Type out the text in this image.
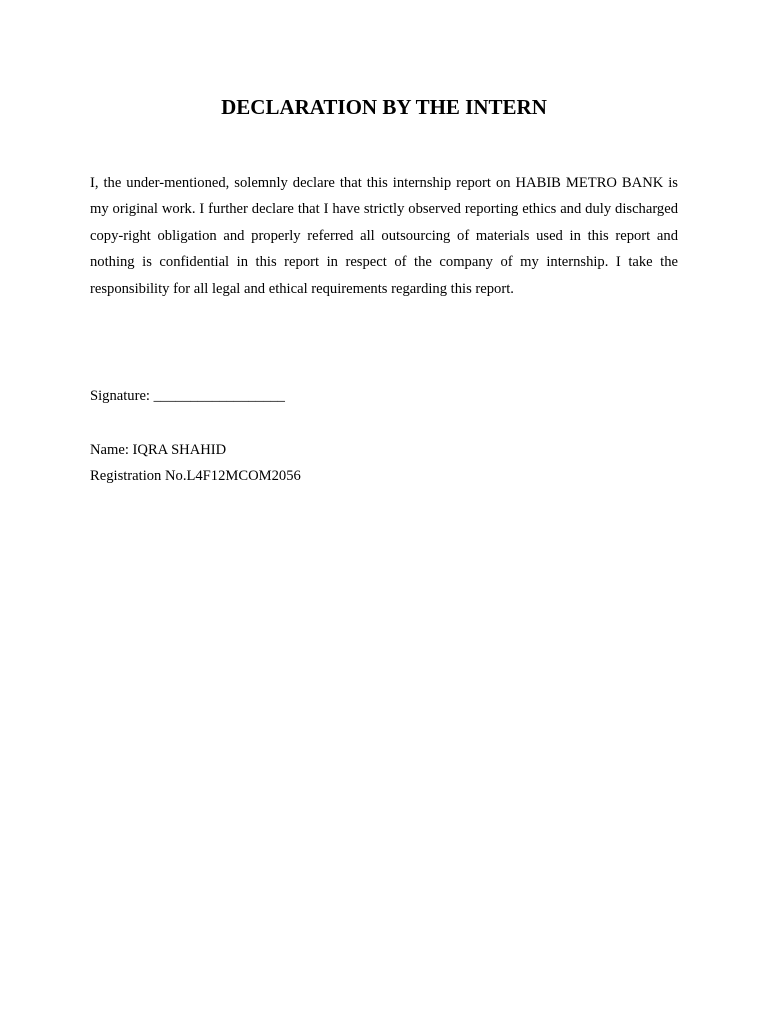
DECLARATION BY THE INTERN

I, the under-mentioned, solemnly declare that this internship report on HABIB METRO BANK is my original work. I further declare that I have strictly observed reporting ethics and duly discharged copy-right obligation and properly referred all outsourcing of materials used in this report and nothing is confidential in this report in respect of the company of my internship. I take the responsibility for all legal and ethical requirements regarding this report.

Signature: __________________

Name: IQRA SHAHID

Registration No.L4F12MCOM2056
